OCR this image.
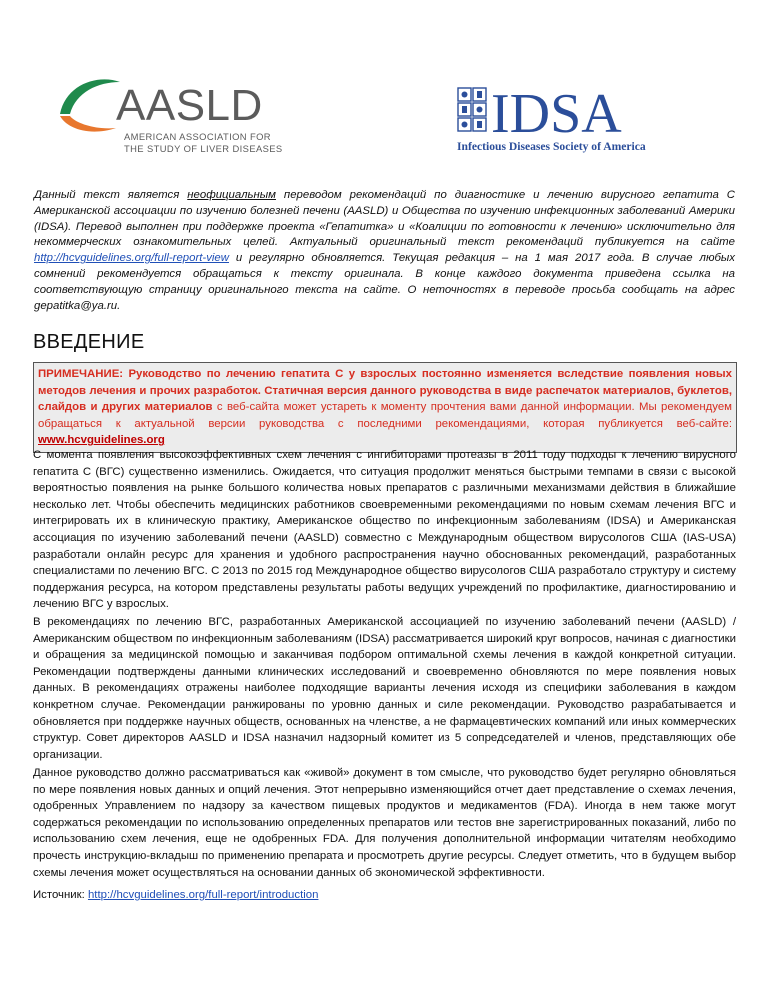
AASLD
AMERICAN ASSOCIATION FOR
THE STUDY OF LIVER DISEASES
IDSA
Infectious Diseases Society of America
Данный текст является неофициальным переводом рекомендаций по диагностике и лечению вирусного гепатита С Американской ассоциации по изучению болезней печени (AASLD) и Общества по изучению инфекционных заболеваний Америки (IDSA). Перевод выполнен при поддержке проекта «Гепатитка» и «Коалиции по готовности к лечению» исключительно для некоммерческих ознакомительных целей. Актуальный оригинальный текст рекомендаций публикуется на сайте http://hcvguidelines.org/full-report-view и регулярно обновляется. Текущая редакция – на 1 мая 2017 года. В случае любых сомнений рекомендуется обращаться к тексту оригинала. В конце каждого документа приведена ссылка на соответствующую страницу оригинального текста на сайте. О неточностях в переводе просьба сообщать на адрес gepatitka@ya.ru.
ВВЕДЕНИЕ
ПРИМЕЧАНИЕ: Руководство по лечению гепатита С у взрослых постоянно изменяется вследствие появления новых методов лечения и прочих разработок. Статичная версия данного руководства в виде распечаток материалов, буклетов, слайдов и других материалов с веб-сайта может устареть к моменту прочтения вами данной информации. Мы рекомендуем обращаться к актуальной версии руководства с последними рекомендациями, которая публикуется веб-сайте: www.hcvguidelines.org
С момента появления высокоэффективных схем лечения с ингибиторами протеазы в 2011 году подходы к лечению вирусного гепатита С (ВГС) существенно изменились. Ожидается, что ситуация продолжит меняться быстрыми темпами в связи с высокой вероятностью появления на рынке большого количества новых препаратов с различными механизмами действия в ближайшие несколько лет. Чтобы обеспечить медицинских работников своевременными рекомендациями по новым схемам лечения ВГС и интегрировать их в клиническую практику, Американское общество по инфекционным заболеваниям (IDSA) и Американская ассоциация по изучению заболеваний печени (AASLD) совместно с Международным обществом вирусологов США (IAS-USA) разработали онлайн ресурс для хранения и удобного распространения научно обоснованных рекомендаций, разработанных специалистами по лечению ВГС. С 2013 по 2015 год Международное общество вирусологов США разработало структуру и систему поддержания ресурса, на котором представлены результаты работы ведущих учреждений по профилактике, диагностированию и лечению ВГС у взрослых.
В рекомендациях по лечению ВГС, разработанных Американской ассоциацией по изучению заболеваний печени (AASLD) /Американским обществом по инфекционным заболеваниям (IDSA) рассматривается широкий круг вопросов, начиная с диагностики и обращения за медицинской помощью и заканчивая подбором оптимальной схемы лечения в каждой конкретной ситуации. Рекомендации подтверждены данными клинических исследований и своевременно обновляются по мере появления новых данных. В рекомендациях отражены наиболее подходящие варианты лечения исходя из специфики заболевания в каждом конкретном случае. Рекомендации ранжированы по уровню данных и силе рекомендации. Руководство разрабатывается и обновляется при поддержке научных обществ, основанных на членстве, а не фармацевтических компаний или иных коммерческих структур. Совет директоров AASLD и IDSA назначил надзорный комитет из 5 сопредседателей и членов, представляющих обе организации.
Данное руководство должно рассматриваться как «живой» документ в том смысле, что руководство будет регулярно обновляться по мере появления новых данных и опций лечения. Этот непрерывно изменяющийся отчет дает представление о схемах лечения, одобренных Управлением по надзору за качеством пищевых продуктов и медикаментов (FDA). Иногда в нем также могут содержаться рекомендации по использованию определенных препаратов или тестов вне зарегистрированных показаний, либо по использованию схем лечения, еще не одобренных FDA. Для получения дополнительной информации читателям необходимо прочесть инструкцию-вкладыш по применению препарата и просмотреть другие ресурсы. Следует отметить, что в будущем выбор схемы лечения может осуществляться на основании данных об экономической эффективности.
Источник: http://hcvguidelines.org/full-report/introduction
